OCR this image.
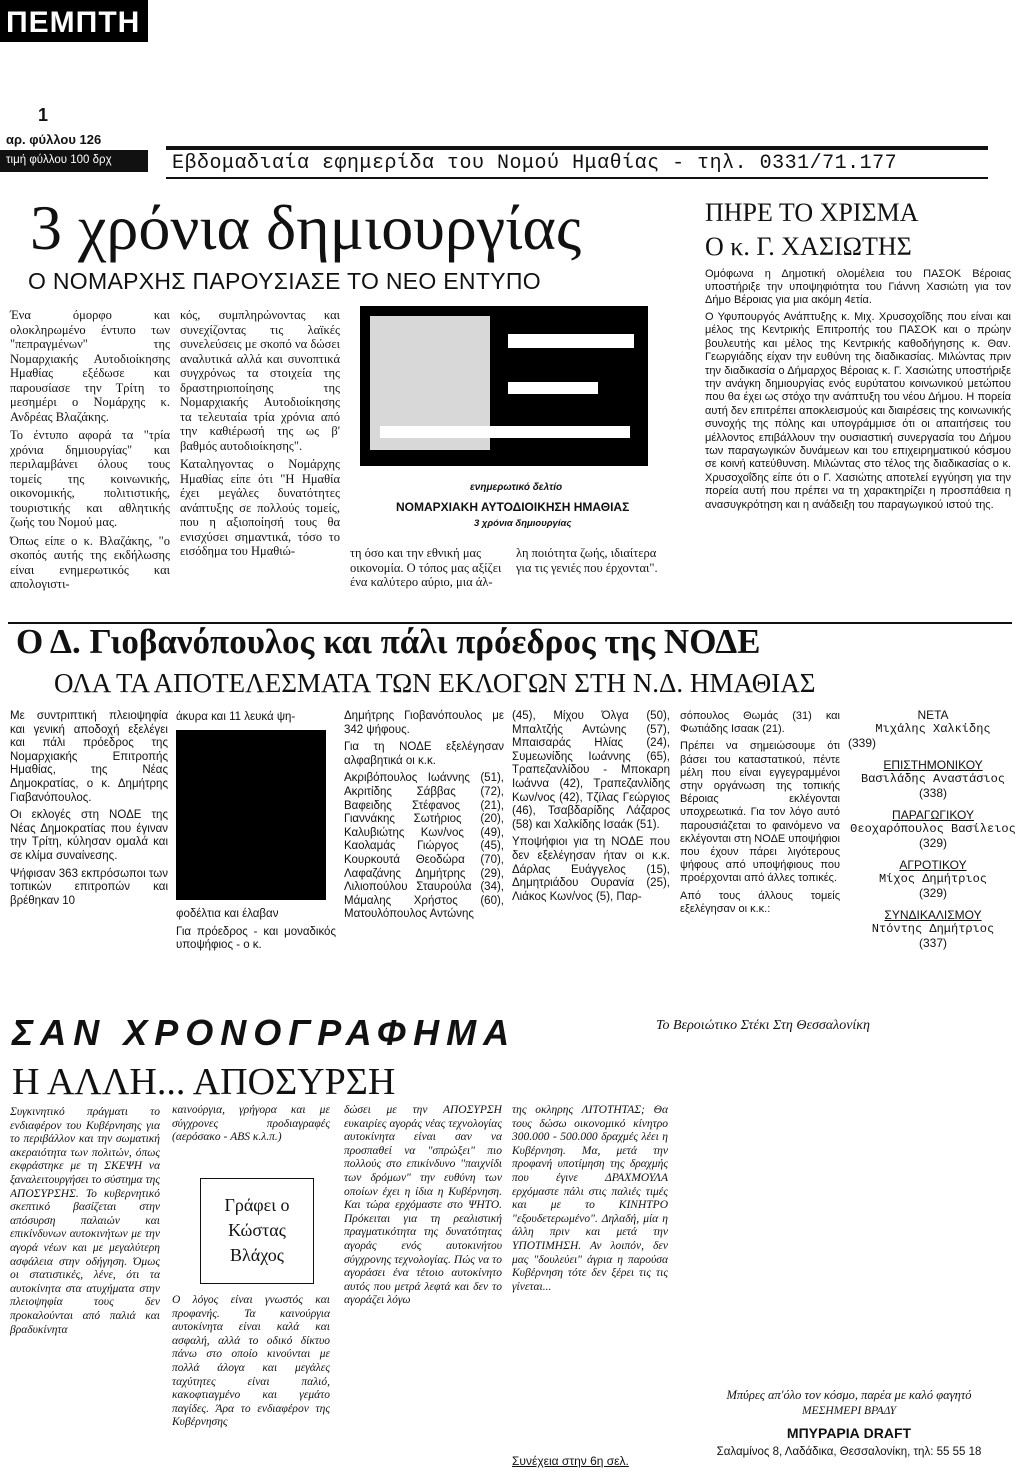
ΠΕΜΠΤΗ
1
αρ. φύλλου 126
τιμή φύλλου 100 δρχ	Εβδομαδιαία εφημερίδα του Νομού Ημαθίας - τηλ. 0331/71.177
3 χρόνια δημιουργίας
Ο ΝΟΜΑΡΧΗΣ ΠΑΡΟΥΣΙΑΣΕ ΤΟ ΝΕΟ ΕΝΤΥΠΟ

Ένα όμορφο και ολοκληρωμένο έντυπο των "πεπραγμένων" της Νομαρχιακής Αυτοδιοίκησης Ημαθίας εξέδωσε και παρουσίασε την Τρίτη το μεσημέρι ο Νομάρχης κ. Ανδρέας Βλαζάκης.

Το έντυπο αφορά τα "τρία χρόνια δημιουργίας" και περιλαμβάνει όλους τους τομείς της κοινωνικής, οικονομικής, πολιτιστικής, τουριστικής και αθλητικής ζωής του Νομού μας.

Όπως είπε ο κ. Βλαζάκης, "ο σκοπός αυτής της εκδήλωσης είναι ενημερωτικός και απολογιστι-

κός, συμπληρώνοντας και συνεχίζοντας τις λαϊκές συνελεύσεις με σκοπό να δώσει αναλυτικά αλλά και συνοπτικά συγχρόνως τα στοιχεία της δραστηριοποίησης της Νομαρχιακής Αυτοδιοίκησης τα τελευταία τρία χρόνια από την καθιέρωσή της ως β' βαθμός αυτοδιοίκησης".

Καταληγοντας ο Νομάρχης Ημαθίας είπε ότι "Η Ημαθία έχει μεγάλες δυνατότητες ανάπτυξης σε πολλούς τομείς, που η αξιοποίησή τους θα ενισχύσει σημαντικά, τόσο το εισόδημα του Ημαθιώ-

ενημερωτικό δελτίο
ΝΟΜΑΡΧΙΑΚΗ ΑΥΤΟΔΙΟΙΚΗΣΗ ΗΜΑΘΙΑΣ
3 χρόνια δημιουργίας
τη όσο και την εθνική μας οικονομία. Ο τόπος μας αξίζει ένα καλύτερο αύριο, μια άλ-
λη ποιότητα ζωής, ιδιαίτερα για τις γενιές που έρχονται".
ΠΗΡΕ ΤΟ ΧΡΙΣΜΑ
Ο κ. Γ. ΧΑΣΙΩΤΗΣ
Ομόφωνα η Δημοτική ολομέλεια του ΠΑΣΟΚ Βέροιας υποστήριξε την υποψηφιότητα του Γιάννη Χασιώτη για τον Δήμο Βέροιας για μια ακόμη 4ετία.
Ο Υφυπουργός Ανάπτυξης κ. Μιχ. Χρυσοχοΐδης που είναι και μέλος της Κεντρικής Επιτροπής του ΠΑΣΟΚ και ο πρώην βουλευτής και μέλος της Κεντρικής καθοδήγησης κ. Θαν. Γεωργιάδης είχαν την ευθύνη της διαδικασίας. Μιλώντας πριν την διαδικασία ο Δήμαρχος Βέροιας κ. Γ. Χασιώτης υποστήριξε την ανάγκη δημιουργίας ενός ευρύτατου κοινωνικού μετώπου που θα έχει ως στόχο την ανάπτυξη του νέου Δήμου. Η πορεία αυτή δεν επιτρέπει αποκλεισμούς και διαιρέσεις της κοινωνικής συνοχής της πόλης και υπογράμμισε ότι οι απαιτήσεις του μέλλοντος επιβάλλουν την ουσιαστική συνεργασία του Δήμου των παραγωγικών δυνάμεων και του επιχειρηματικού κόσμου σε κοινή κατεύθυνση. Μιλώντας στο τέλος της διαδικασίας ο κ. Χρυσοχοΐδης είπε ότι ο Γ. Χασιώτης αποτελεί εγγύηση για την πορεία αυτή που πρέπει να τη χαρακτηρίζει η προσπάθεια η ανασυγκρότηση και η ανάδειξη του παραγωγικού ιστού της.
Ο Δ. Γιοβανόπουλος και πάλι πρόεδρος της ΝΟΔΕ
ΟΛΑ ΤΑ ΑΠΟΤΕΛΕΣΜΑΤΑ ΤΩΝ ΕΚΛΟΓΩΝ ΣΤΗ Ν.Δ. ΗΜΑΘΙΑΣ

Με συντριπτική πλειοψηφία και γενική αποδοχή εξελέγει και πάλι πρόεδρος της Νομαρχιακής Επιτροπής Ημαθίας, της Νέας Δημοκρατίας, ο κ. Δημήτρης Γιαβανόπουλος.

Οι εκλογές στη ΝΟΔΕ της Νέας Δημοκρατίας που έγιναν την Τρίτη, κύλησαν ομαλά και σε κλίμα συναίνεσης.

Ψήφισαν 363 εκπρόσωποι των τοπικών επιτροπών και βρέθηκαν 10

άκυρα και 11 λευκά ψη-

φοδέλτια και έλαβαν

Για πρόεδρος - και μοναδικός υποψήφιος - ο κ.

Δημήτρης Γιοβανόπουλος με 342 ψήφους.

Για τη ΝΟΔΕ εξελέγησαν αλφαβητικά οι κ.κ.

Ακριβόπουλος Ιωάννης (51), Ακριτίδης Σάββας (72), Βαφειδης Στέφανος (21), Γιαννάκης Σωτήριος (20), Καλυβιώτης Κων/νος (49), Καολαμάς Γιώργος (45), Κουρκουτά Θεοδώρα (70), Λαφαζάνης Δημήτρης (29), Λιλιοπούλου Σταυρούλα (34), Μάμαλης Χρήστος (60), Ματουλόπουλος Αντώνης

(45), Μίχου Όλγα (50), Μπαλτζής Αντώνης (57), Μπαισαράς Ηλίας (24), Συμεωνίδης Ιωάννης (65), Τραπεζανλίδου - Μποκαρη Ιωάννα (42), Τραπεζανλίδης Κων/νος (42), Τζίλας Γεώργιος (46), Τσαβδαρίδης Λάζαρος (58) και Χαλκίδης Ισαάκ (51).

Υποψήφιοι για τη ΝΟΔΕ που δεν εξελέγησαν ήταν οι κ.κ. Δάρλας Ευάγγελος (15), Δημητριάδου Ουρανία (25), Λιάκος Κων/νος (5), Παρ-

σόπουλος Θωμάς (31) και Φωτιάδης Ισαακ (21).

Πρέπει να σημειώσουμε ότι βάσει του καταστατικού, πέντε μέλη που είναι εγγεγραμμένοι στην οργάνωση της τοπικής Βέροιας εκλέγονται υποχρεωτικά. Για τον λόγο αυτό παρουσιάζεται το φαινόμενο να εκλέγονται στη ΝΟΔΕ υποψήφιοι που έχουν πάρει λιγότερους ψήφους από υποψήφιους που προέρχονται από άλλες τοπικές.

Από τους άλλους τομείς εξελέγησαν οι κ.κ.:

ΝΕΤΑ
Μιχάλης Χαλκίδης
(339)
ΕΠΙΣΤΗΜΟΝΙΚΟΥ
Βασιλάδης Αναστάσιος
(338)
ΠΑΡΑΓΩΓΙΚΟΥ
Θεοχαρόπουλος Βασίλειος
(329)
ΑΓΡΟΤΙΚΟΥ
Μίχος Δημήτριος
(329)
ΣΥΝΔΙΚΑΛΙΣΜΟΥ
Ντόντης Δημήτριος
(337)
ΣΑΝ ΧΡΟΝΟΓΡΑΦΗΜΑ	Το Βεροιώτικο Στέκι Στη Θεσσαλονίκη
Η ΑΛΛΗ... ΑΠΟΣΥΡΣΗ
Συγκινητικό πράγματι το ενδιαφέρον του Κυβέρνησης για το περιβάλλον και την σωματική ακεραιότητα των πολιτών, όπως εκφράστηκε με τη ΣΚΕΨΗ να ξαναλειτουργήσει το σύστημα της ΑΠΟΣΥΡΣΗΣ. Το κυβερνητικό σκεπτικό βασίζεται στην απόσυρση παλαιών και επικίνδυνων αυτοκινήτων με την αγορά νέων και με μεγαλύτερη ασφάλεια στην οδήγηση. Όμως οι στατιστικές, λένε, ότι τα αυτοκίνητα στα ατυχήματα στην πλειοψηφία τους δεν προκαλούνται από παλιά και βραδυκίνητα
καινούργια, γρήγορα και με σύγχρονες προδιαγραφές (αερόσακο - ABS κ.λ.π.)
Γράφει ο Κώστας Βλάχος
Ο λόγος είναι γνωστός και προφανής. Τα καινούργια αυτοκίνητα είναι καλά και ασφαλή, αλλά το οδικό δίκτυο πάνω στο οποίο κινούνται με πολλά άλογα και μεγάλες ταχύτητες είναι παλιό, κακοφτιαγμένο και γεμάτο παγίδες. Άρα το ενδιαφέρον της Κυβέρνησης
δώσει με την ΑΠΟΣΥΡΣΗ ευκαιρίες αγοράς νέας τεχνολογίας αυτοκίνητα είναι σαν να προσπαθεί να "σπρώξει" πιο πολλούς στο επικίνδυνο "παιχνίδι των δρόμων" την ευθύνη των οποίων έχει η ίδια η Κυβέρνηση. Και τώρα ερχόμαστε στο ΨΗΤΟ. Πρόκειται για τη ρεαλιστική πραγματικότητα της δυνατότητας αγοράς ενός αυτοκινήτου σύγχρονης τεχνολογίας. Πώς να το αγοράσει ένα τέτοιο αυτοκίνητο αυτός που μετρά λεφτά και δεν το αγοράζει λόγω
της οκληρης ΛΙΤΟΤΗΤΑΣ; Θα τους δώσω οικονομικό κίνητρο 300.000 - 500.000 δραχμές λέει η Κυβέρνηση. Μα, μετά την προφανή υποτίμηση της δραχμής που έγινε ΔΡΑΧΜΟΥΛΑ ερχόμαστε πάλι στις παλιές τιμές και με το ΚΙΝΗΤΡΟ "εξουδετερωμένο". Δηλαδή, μία η άλλη πριν και μετά την ΥΠΟΤΙΜΗΣΗ. Αν λοιπόν, δεν μας "δουλεύει" άγρια η παρούσα Κυβέρνηση τότε δεν ξέρει τις τις γίνεται...
Συνέχεια στην 6η σελ.
Μπύρες απ'όλο τον κόσμο, παρέα με καλό φαγητό
ΜΕΣΗΜΕΡΙ ΒΡΑΔΥ
ΜΠΥΡΑΡΙΑ DRAFT
Σαλαμίνος 8, Λαδάδικα, Θεσσαλονίκη, τηλ: 55 55 18
